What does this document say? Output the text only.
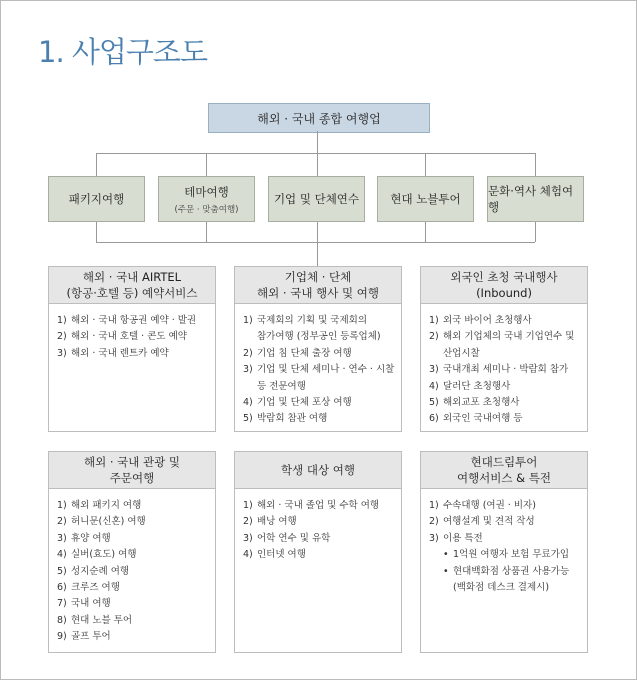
1. 사업구조도
해외 · 국내 종합 여행업
패키지여행
테마여행
(주문 · 맞춤여행)
기업 및 단체연수	현대 노블투어
문화·역사 체험여행
해외 · 국내 AIRTEL
(항공·호텔 등) 예약서비스
1) 해외 · 국내 항공권 예약 · 발권
2) 해외 · 국내 호텔 · 콘도 예약
3) 해외 · 국내 렌트카 예약
기업체 · 단체
해외 · 국내 행사 및 여행
1) 국제회의 기획 및 국제회의
참가여행 (정부공인 등록업체)
2) 기업 침 단체 출장 여행
3) 기업 및 단체 세미나 · 연수 · 시찰
등 전문여행
4) 기업 및 단체 포상 여행
5) 박람회 참관 여행
외국인 초청 국내행사
(Inbound)
1) 외국 바이어 초청행사
2) 해외 기업체의 국내 기업연수 및
산업시찰
3) 국내개최 세미나 · 박람회 참가
4) 달러단 초청행사
5) 해외교포 초청행사
6) 외국인 국내여행 등
해외 · 국내 관광 및
주문여행
1) 해외 패키지 여행
2) 허니문(신혼) 여행
3) 휴양 여행
4) 실버(효도) 여행
5) 성지순례 여행
6) 크루즈 여행
7) 국내 여행
8) 현대 노블 투어
9) 골프 투어
학생 대상 여행
1) 해외 · 국내 졸업 및 수학 여행
2) 배낭 여행
3) 어학 연수 및 유학
4) 인터넷 여행
현대드림투어
여행서비스 & 특전
1) 수속대행 (여권 · 비자)
2) 여행설계 및 견적 작성
3) 이용 특전
• 1억원 여행자 보험 무료가입
• 현대백화점 상품권 사용가능
(백화점 데스크 결제시)
